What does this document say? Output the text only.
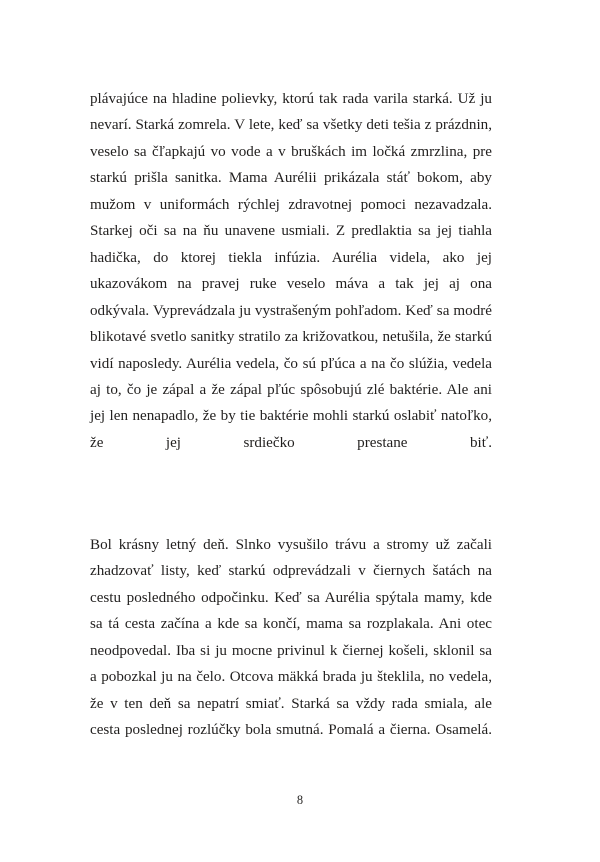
plávajúce na hladine polievky, ktorú tak rada varila starká. Už ju nevarí. Starká zomrela. V lete, keď sa všetky deti tešia z prázdnin, veselo sa čľapkajú vo vode a v bruškách im ločká zmrzlina, pre starkú prišla sanitka. Mama Aurélii prikázala stáť bokom, aby mužom v uniformách rýchlej zdravotnej pomoci nezavadzala. Starkej oči sa na ňu unavene usmiali. Z predlaktia sa jej tiahla hadička, do ktorej tiekla infúzia. Aurélia videla, ako jej ukazovákom na pravej ruke veselo máva a tak jej aj ona odkývala. Vyprevádzala ju vystrašeným pohľadom. Keď sa modré blikotavé svetlo sanitky stratilo za križovatkou, netušila, že starkú vidí naposledy. Aurélia vedela, čo sú pľúca a na čo slúžia, vedela aj to, čo je zápal a že zápal pľúc spôsobujú zlé baktérie. Ale ani jej len nenapadlo, že by tie baktérie mohli starkú oslabiť natoľko, že jej srdiečko prestane biť.

Bol krásny letný deň. Slnko vysušilo trávu a stromy už začali zhadzovať listy, keď starkú odprevádzali v čiernych šatách na cestu posledného odpočinku. Keď sa Aurélia spýtala mamy, kde sa tá cesta začína a kde sa končí, mama sa rozplakala. Ani otec neodpovedal. Iba si ju mocne privinul k čiernej košeli, sklonil sa a pobozkal ju na čelo. Otcova mäkká brada ju šteklila, no vedela, že v ten deň sa nepatrí smiať. Starká sa vždy rada smiala, ale cesta poslednej rozlúčky bola smutná. Pomalá a čierna. Osamelá.

8
